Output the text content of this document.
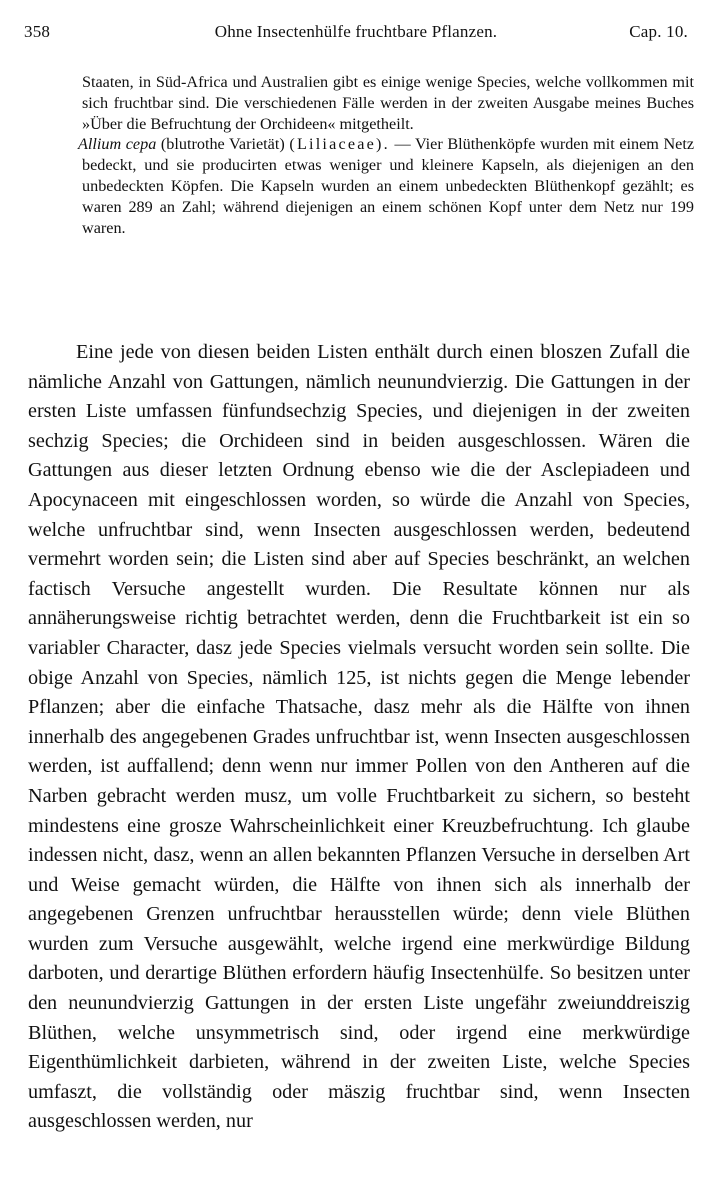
358	Ohne Insectenhülfe fruchtbare Pflanzen.	Cap. 10.

Staaten, in Süd-Africa und Australien gibt es einige wenige Species, welche vollkommen mit sich fruchtbar sind. Die verschiedenen Fälle werden in der zweiten Ausgabe meines Buches »Über die Befruchtung der Orchideen« mitgetheilt.

Allium cepa (blutrothe Varietät) (Liliaceae). — Vier Blüthenköpfe wurden mit einem Netz bedeckt, und sie producirten etwas weniger und kleinere Kapseln, als diejenigen an den unbedeckten Köpfen. Die Kapseln wurden an einem unbedeckten Blüthenkopf gezählt; es waren 289 an Zahl; während diejenigen an einem schönen Kopf unter dem Netz nur 199 waren.

Eine jede von diesen beiden Listen enthält durch einen bloszen Zufall die nämliche Anzahl von Gattungen, nämlich neunundvierzig. Die Gattungen in der ersten Liste umfassen fünfundsechzig Species, und diejenigen in der zweiten sechzig Species; die Orchideen sind in beiden ausgeschlossen. Wären die Gattungen aus dieser letzten Ordnung ebenso wie die der Asclepiadeen und Apocynaceen mit eingeschlossen worden, so würde die Anzahl von Species, welche unfruchtbar sind, wenn Insecten ausgeschlossen werden, bedeutend vermehrt worden sein; die Listen sind aber auf Species beschränkt, an welchen factisch Versuche angestellt wurden. Die Resultate können nur als annäherungsweise richtig betrachtet werden, denn die Fruchtbarkeit ist ein so variabler Character, dasz jede Species vielmals versucht worden sein sollte. Die obige Anzahl von Species, nämlich 125, ist nichts gegen die Menge lebender Pflanzen; aber die einfache Thatsache, dasz mehr als die Hälfte von ihnen innerhalb des angegebenen Grades unfruchtbar ist, wenn Insecten ausgeschlossen werden, ist auffallend; denn wenn nur immer Pollen von den Antheren auf die Narben gebracht werden musz, um volle Fruchtbarkeit zu sichern, so besteht mindestens eine grosze Wahrscheinlichkeit einer Kreuzbefruchtung. Ich glaube indessen nicht, dasz, wenn an allen bekannten Pflanzen Versuche in derselben Art und Weise gemacht würden, die Hälfte von ihnen sich als innerhalb der angegebenen Grenzen unfruchtbar herausstellen würde; denn viele Blüthen wurden zum Versuche ausgewählt, welche irgend eine merkwürdige Bildung darboten, und derartige Blüthen erfordern häufig Insectenhülfe. So besitzen unter den neunundvierzig Gattungen in der ersten Liste ungefähr zweiunddreiszig Blüthen, welche unsymmetrisch sind, oder irgend eine merkwürdige Eigenthümlichkeit darbieten, während in der zweiten Liste, welche Species umfaszt, die vollständig oder mäszig fruchtbar sind, wenn Insecten ausgeschlossen werden, nur
